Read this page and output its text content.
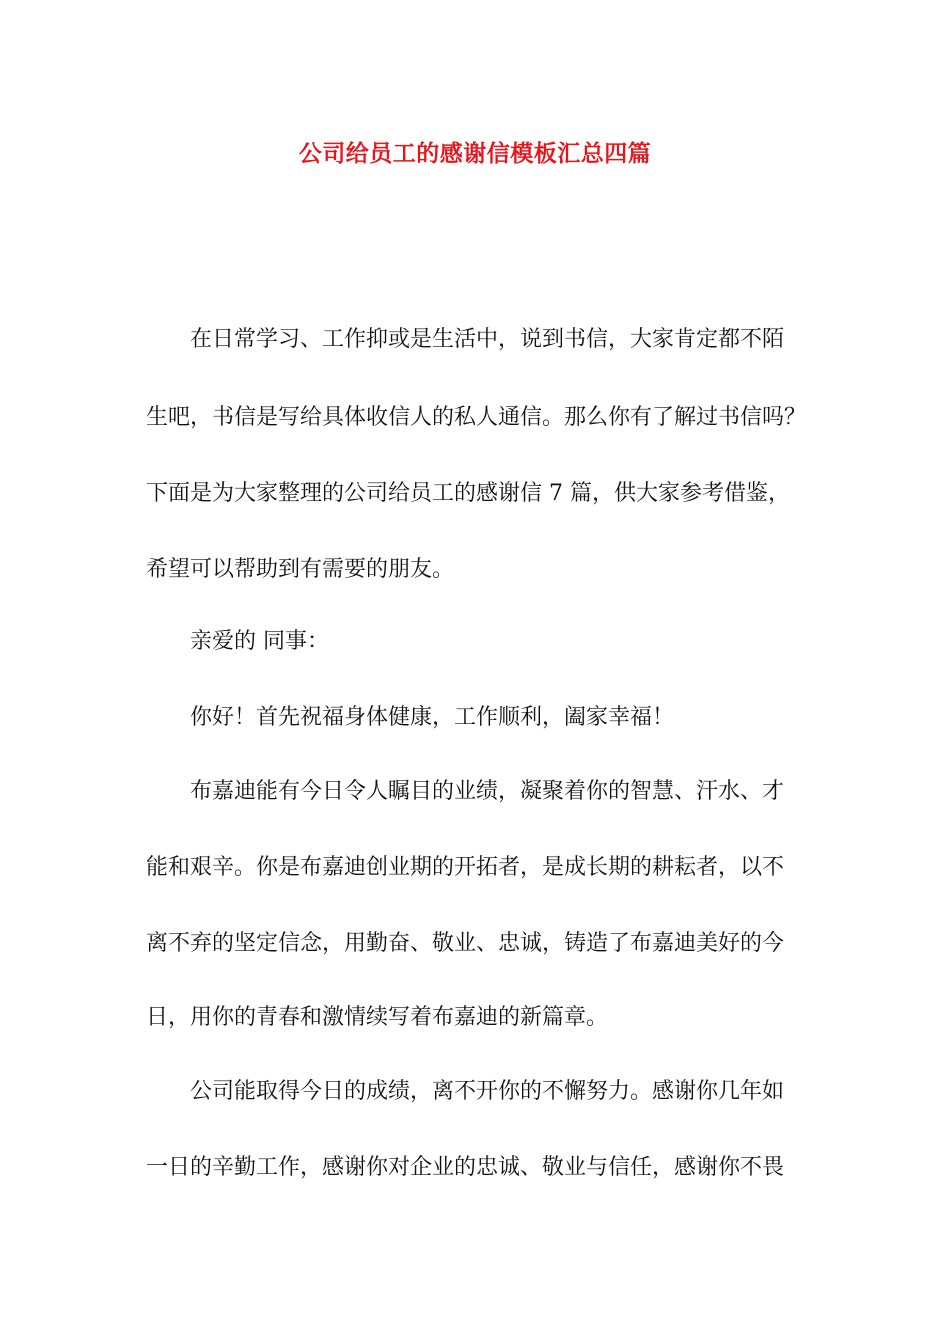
公司给员工的感谢信模板汇总四篇
在日常学习、工作抑或是生活中，说到书信，大家肯定都不陌
生吧，书信是写给具体收信人的私人通信。那么你有了解过书信吗？
下面是为大家整理的公司给员工的感谢信 7 篇，供大家参考借鉴，
希望可以帮助到有需要的朋友。
亲爱的 同事：
你好！首先祝福身体健康，工作顺利，阖家幸福！
布嘉迪能有今日令人瞩目的业绩，凝聚着你的智慧、汗水、才
能和艰辛。你是布嘉迪创业期的开拓者，是成长期的耕耘者，以不
离不弃的坚定信念，用勤奋、敬业、忠诚，铸造了布嘉迪美好的今
日，用你的青春和激情续写着布嘉迪的新篇章。
公司能取得今日的成绩，离不开你的不懈努力。感谢你几年如
一日的辛勤工作，感谢你对企业的忠诚、敬业与信任，感谢你不畏
